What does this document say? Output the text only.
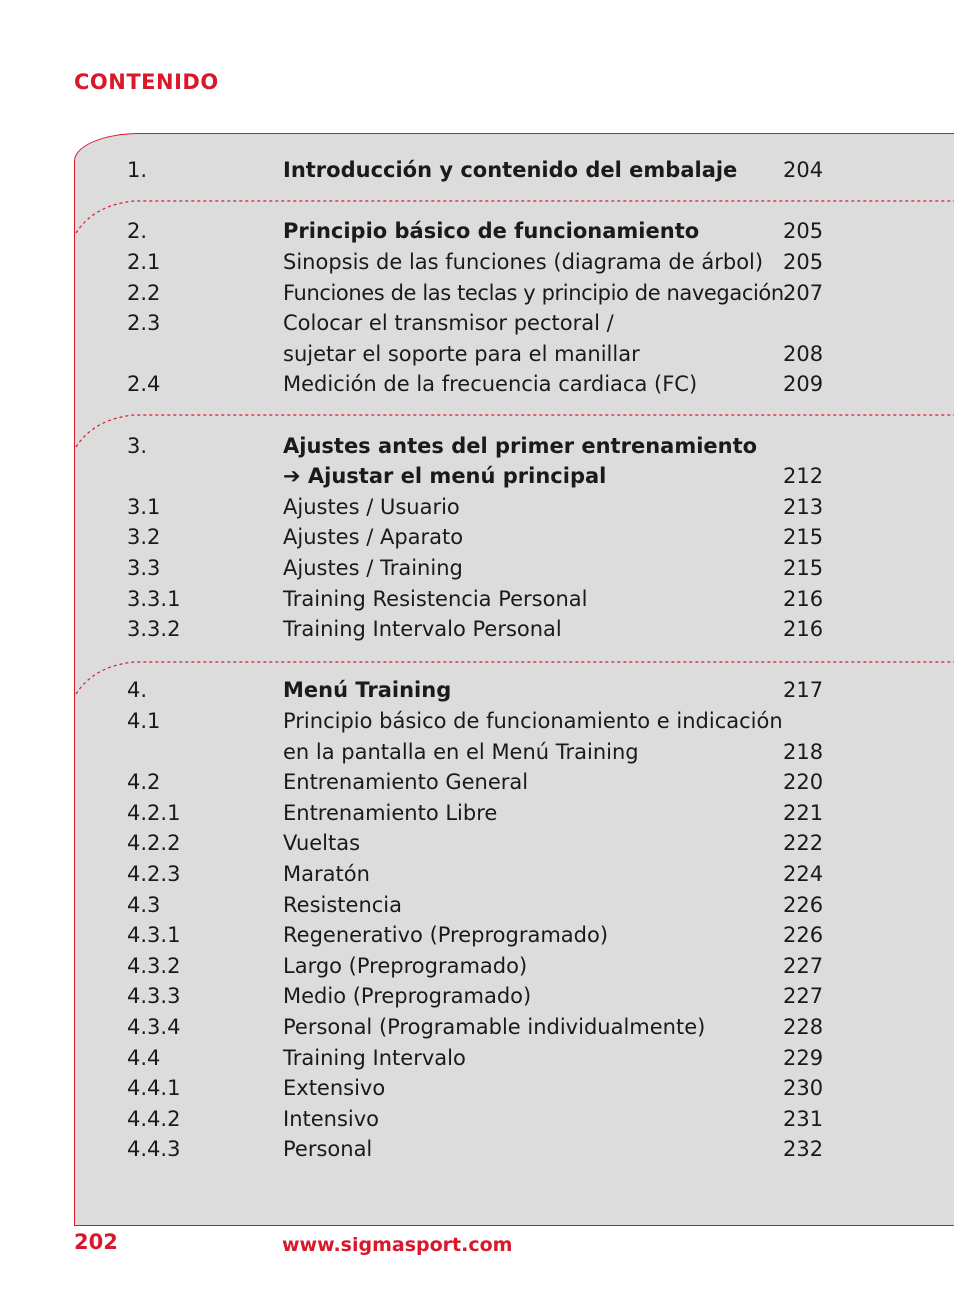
CONTENIDO
1.	Introducción y contenido del embalaje 204
2.	Principio básico de funcionamiento	205
2.1	Sinopsis de las funciones (diagrama de árbol) 205
2.2	Funciones de las teclas y principio de navegación 207
2.3	Colocar el transmisor pectoral /
sujetar el soporte para el manillar	208
2.4	Medición de la frecuencia cardiaca (FC)	209
3.	Ajustes antes del primer entrenamiento
➔ Ajustar el menú principal	212
3.1	Ajustes / Usuario	213
3.2	Ajustes / Aparato	215
3.3	Ajustes / Training	215
3.3.1	Training Resistencia Personal	216
3.3.2	Training Intervalo Personal	216
4.	Menú Training	217
4.1	Principio básico de funcionamiento e indicación
en la pantalla en el Menú Training	218
4.2	Entrenamiento General	220
4.2.1	Entrenamiento Libre	221
4.2.2	Vueltas	222
4.2.3	Maratón	224
4.3	Resistencia	226
4.3.1	Regenerativo (Preprogramado)	226
4.3.2	Largo (Preprogramado)	227
4.3.3	Medio (Preprogramado)	227
4.3.4	Personal (Programable individualmente)	228
4.4	Training Intervalo	229
4.4.1	Extensivo	230
4.4.2	Intensivo	231
4.4.3	Personal	232
202	www.sigmasport.com
